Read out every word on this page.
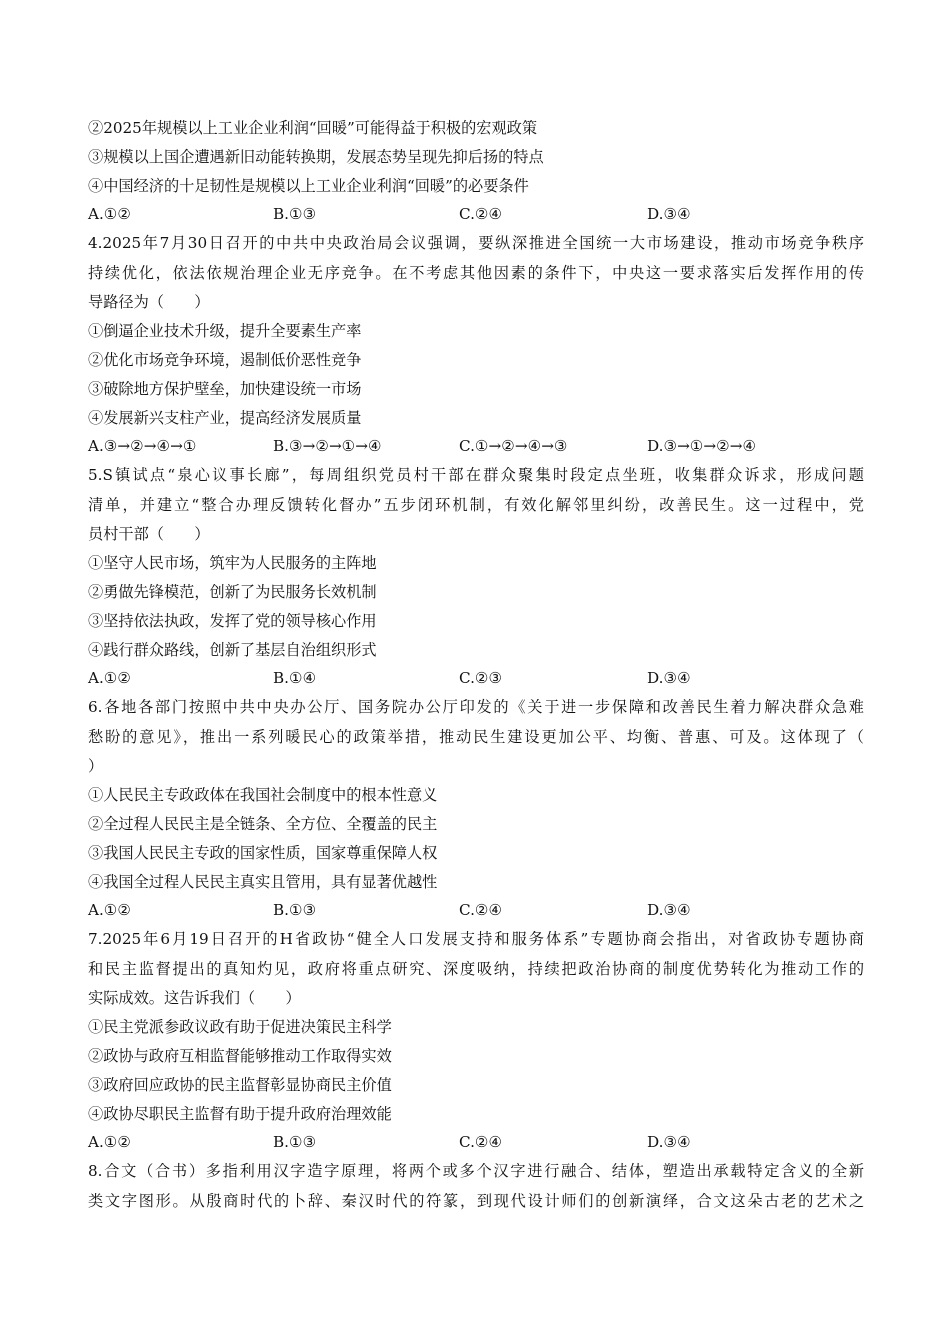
②2025年规模以上工业企业利润“回暖”可能得益于积极的宏观政策
③规模以上国企遭遇新旧动能转换期，发展态势呈现先抑后扬的特点
④中国经济的十足韧性是规模以上工业企业利润“回暖”的必要条件
A.①②	B.①③	C.②④	D.③④
4.2025年7月30日召开的中共中央政治局会议强调，要纵深推进全国统一大市场建设，推动市场竞争秩序
持续优化，依法依规治理企业无序竞争。在不考虑其他因素的条件下，中央这一要求落实后发挥作用的传
导路径为（　　）
①倒逼企业技术升级，提升全要素生产率
②优化市场竞争环境，遏制低价恶性竞争
③破除地方保护壁垒，加快建设统一市场
④发展新兴支柱产业，提高经济发展质量
A.③→②→④→①	B.③→②→①→④	C.①→②→④→③	D.③→①→②→④
5.S镇试点“泉心议事长廊”，每周组织党员村干部在群众聚集时段定点坐班，收集群众诉求，形成问题
清单，并建立“整合办理反馈转化督办”五步闭环机制，有效化解邻里纠纷，改善民生。这一过程中，党
员村干部（　　）
①坚守人民市场，筑牢为人民服务的主阵地
②勇做先锋模范，创新了为民服务长效机制
③坚持依法执政，发挥了党的领导核心作用
④践行群众路线，创新了基层自治组织形式
A.①②	B.①④	C.②③	D.③④
6.各地各部门按照中共中央办公厅、国务院办公厅印发的《关于进一步保障和改善民生着力解决群众急难
愁盼的意见》，推出一系列暖民心的政策举措，推动民生建设更加公平、均衡、普惠、可及。这体现了（
）
①人民民主专政政体在我国社会制度中的根本性意义
②全过程人民民主是全链条、全方位、全覆盖的民主
③我国人民民主专政的国家性质，国家尊重保障人权
④我国全过程人民民主真实且管用，具有显著优越性
A.①②	B.①③	C.②④	D.③④
7.2025年6月19日召开的H省政协“健全人口发展支持和服务体系”专题协商会指出，对省政协专题协商
和民主监督提出的真知灼见，政府将重点研究、深度吸纳，持续把政治协商的制度优势转化为推动工作的
实际成效。这告诉我们（　　）
①民主党派参政议政有助于促进决策民主科学
②政协与政府互相监督能够推动工作取得实效
③政府回应政协的民主监督彰显协商民主价值
④政协尽职民主监督有助于提升政府治理效能
A.①②	B.①③	C.②④	D.③④
8.合文（合书）多指利用汉字造字原理，将两个或多个汉字进行融合、结体，塑造出承载特定含义的全新
类文字图形。从殷商时代的卜辞、秦汉时代的符篆，到现代设计师们的创新演绎，合文这朵古老的艺术之
